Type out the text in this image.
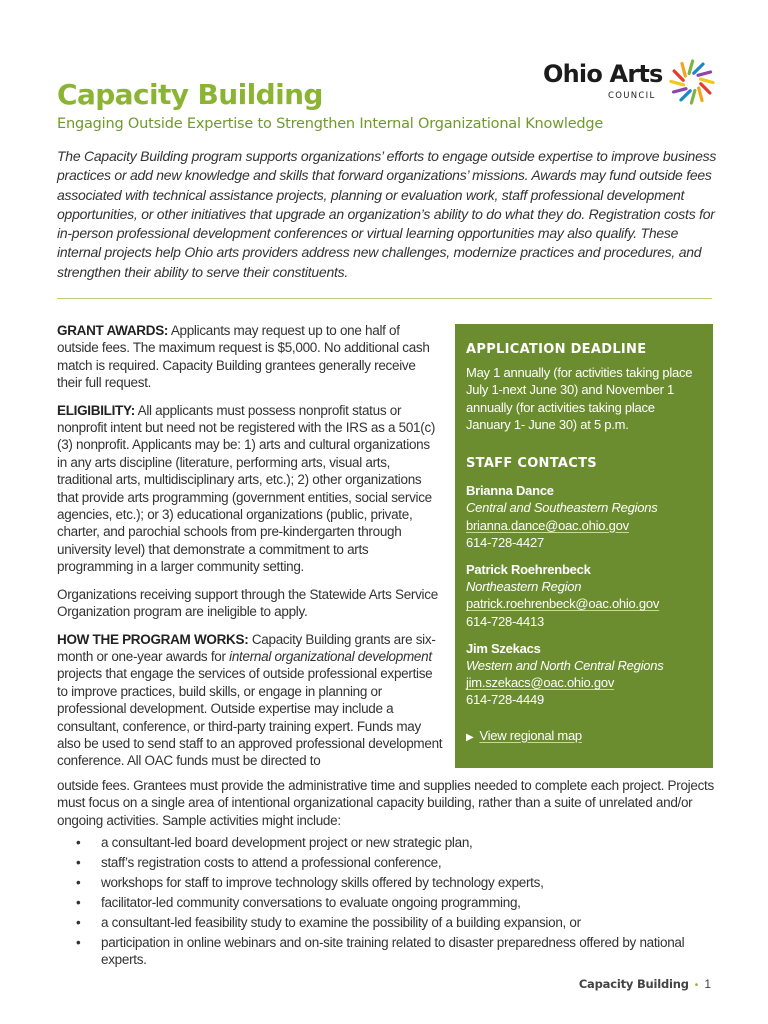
Ohio Arts
COUNCIL
Capacity Building
Engaging Outside Expertise to Strengthen Internal Organizational Knowledge

The Capacity Building program supports organizations’ efforts to engage outside expertise to improve business practices or add new knowledge and skills that forward organizations’ missions. Awards may fund outside fees associated with technical assistance projects, planning or evaluation work, staff professional development opportunities, or other initiatives that upgrade an organization’s ability to do what they do. Registration costs for in-person professional development conferences or virtual learning opportunities may also qualify. These internal projects help Ohio arts providers address new challenges, modernize practices and procedures, and strengthen their ability to serve their constituents.

GRANT AWARDS: Applicants may request up to one half of outside fees. The maximum request is $5,000. No additional cash match is required. Capacity Building grantees generally receive their full request.

ELIGIBILITY: All applicants must possess nonprofit status or nonprofit intent but need not be registered with the IRS as a 501(c)(3) nonprofit. Applicants may be: 1) arts and cultural organizations in any arts discipline (literature, performing arts, visual arts, traditional arts, multidisciplinary arts, etc.); 2) other organizations that provide arts programming (government entities, social service agencies, etc.); or 3) educational organizations (public, private, charter, and parochial schools from pre-kindergarten through university level) that demonstrate a commitment to arts programming in a larger community setting.

Organizations receiving support through the Statewide Arts Service Organization program are ineligible to apply.

HOW THE PROGRAM WORKS: Capacity Building grants are six-month or one-year awards for internal organizational development projects that engage the services of outside professional expertise to improve practices, build skills, or engage in planning or professional development. Outside expertise may include a consultant, conference, or third-party training expert. Funds may also be used to send staff to an approved professional development conference. All OAC funds must be directed to

APPLICATION DEADLINE
May 1 annually (for activities taking place July 1-next June 30) and November 1 annually (for activities taking place January 1- June 30) at 5 p.m.
STAFF CONTACTS
Brianna Dance
Central and Southeastern Regions
brianna.dance@oac.ohio.gov
614-728-4427
Patrick Roehrenbeck
Northeastern Region
patrick.roehrenbeck@oac.ohio.gov
614-728-4413
Jim Szekacs
Western and North Central Regions
jim.szekacs@oac.ohio.gov
614-728-4449
▶ View regional map

outside fees. Grantees must provide the administrative time and supplies needed to complete each project. Projects must focus on a single area of intentional organizational capacity building, rather than a suite of unrelated and/or ongoing activities. Sample activities might include:

• a consultant-led board development project or new strategic plan,
• staff’s registration costs to attend a professional conference,
• workshops for staff to improve technology skills offered by technology experts,
• facilitator-led community conversations to evaluate ongoing programming,
• a consultant-led feasibility study to examine the possibility of a building expansion, or
• participation in online webinars and on-site training related to disaster preparedness offered by national experts.
Capacity Building • 1
